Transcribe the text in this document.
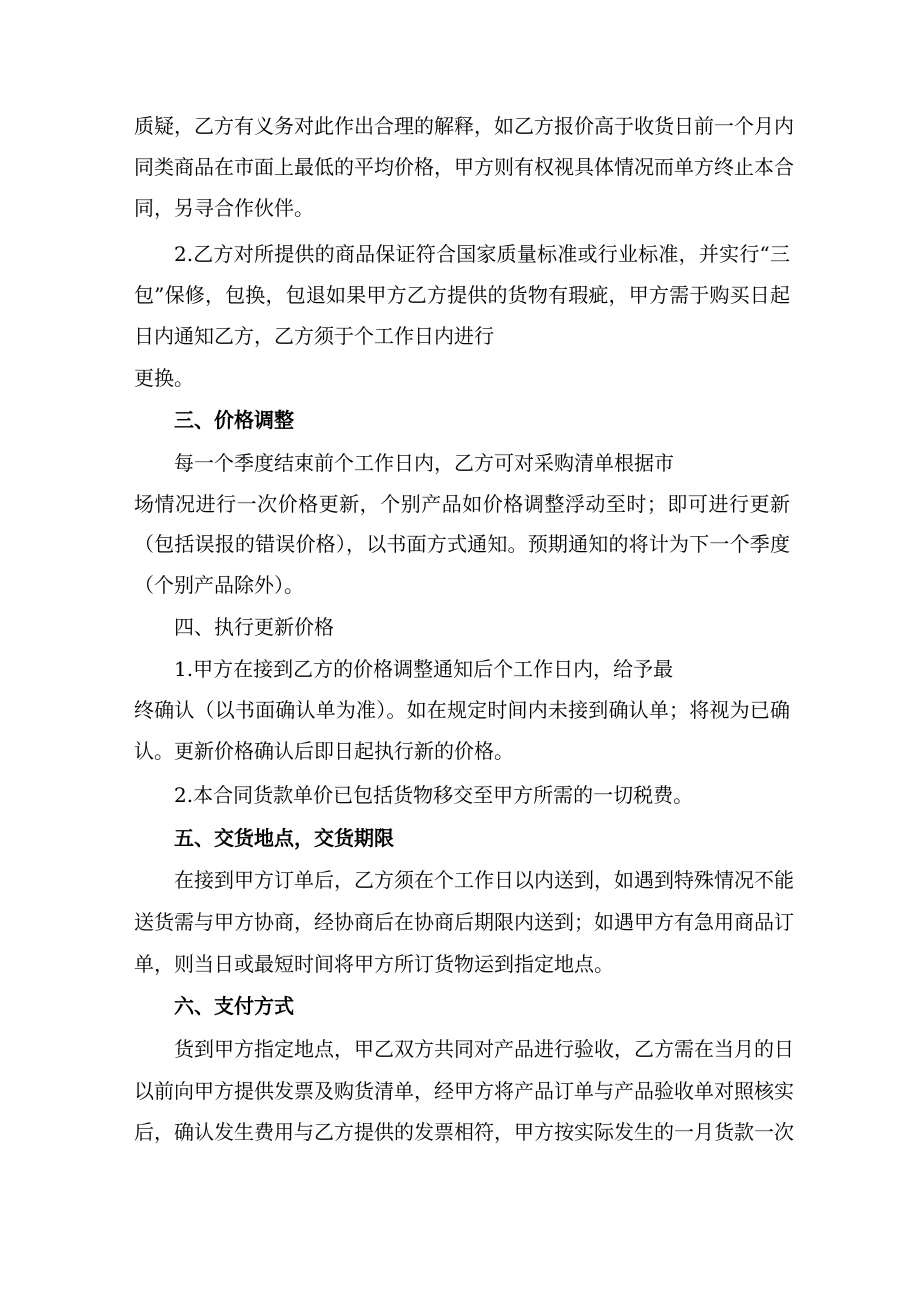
质疑，乙方有义务对此作出合理的解释，如乙方报价高于收货日前一个月内
同类商品在市面上最低的平均价格，甲方则有权视具体情况而单方终止本合
同，另寻合作伙伴。
2.乙方对所提供的商品保证符合国家质量标准或行业标准，并实行“三
包”保修，包换，包退如果甲方乙方提供的货物有瑕疵，甲方需于购买日起
日内通知乙方，乙方须于个工作日内进行
更换。
三、价格调整
每一个季度结束前个工作日内，乙方可对采购清单根据市
场情况进行一次价格更新，个别产品如价格调整浮动至时；即可进行更新
（包括误报的错误价格），以书面方式通知。预期通知的将计为下一个季度
（个别产品除外）。
四、执行更新价格
1.甲方在接到乙方的价格调整通知后个工作日内，给予最
终确认（以书面确认单为准）。如在规定时间内未接到确认单；将视为已确
认。更新价格确认后即日起执行新的价格。
2.本合同货款单价已包括货物移交至甲方所需的一切税费。
五、交货地点，交货期限
在接到甲方订单后，乙方须在个工作日以内送到，如遇到特殊情况不能
送货需与甲方协商，经协商后在协商后期限内送到；如遇甲方有急用商品订
单，则当日或最短时间将甲方所订货物运到指定地点。
六、支付方式
货到甲方指定地点，甲乙双方共同对产品进行验收，乙方需在当月的日
以前向甲方提供发票及购货清单，经甲方将产品订单与产品验收单对照核实
后，确认发生费用与乙方提供的发票相符，甲方按实际发生的一月货款一次
